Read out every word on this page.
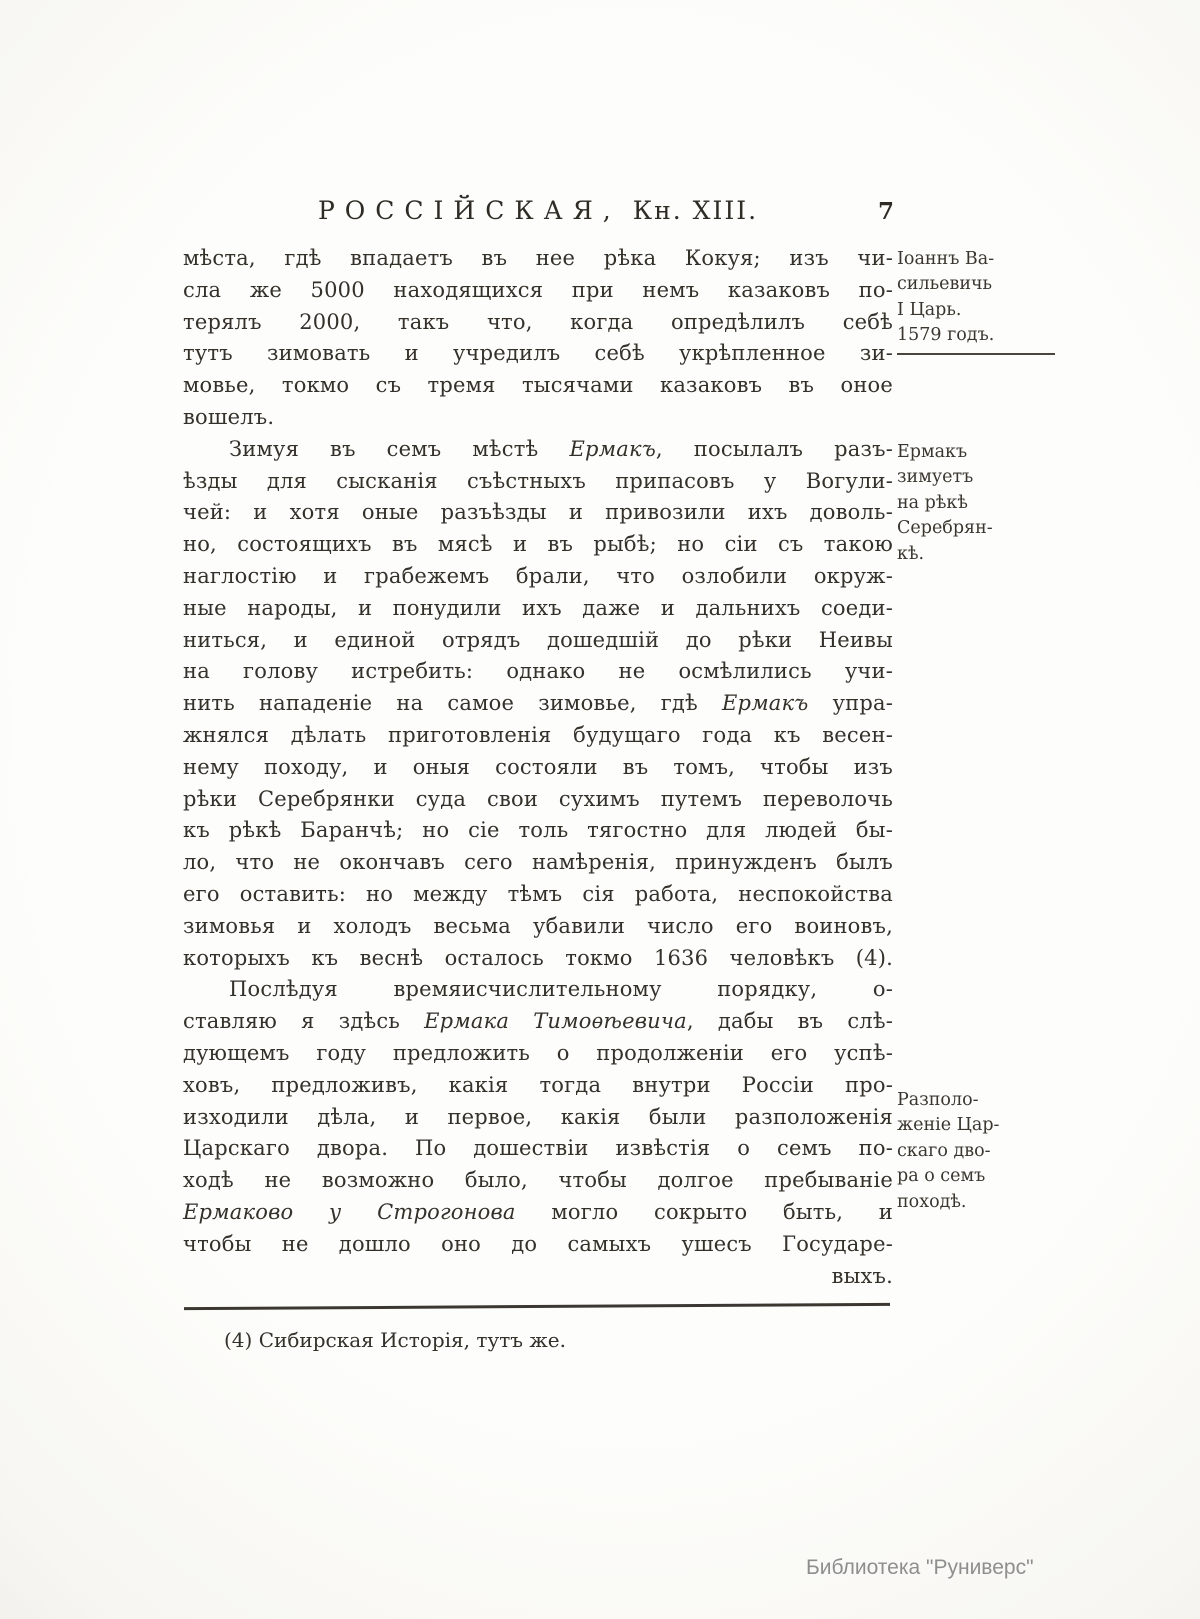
РОССІЙСКАЯ, Кн. XIII.	7
мѣста, гдѣ впадаетъ въ нее рѣка Кокуя; изъ чи-
сла же 5000 находящихся при немъ казаковъ по-
терялъ 2000, такъ что, когда опредѣлилъ себѣ
тутъ зимовать и учредилъ себѣ укрѣпленное зи-
мовье, токмо съ тремя тысячами казаковъ въ оное
вошелъ.
Зимуя въ семъ мѣстѣ Ермакъ, посылалъ разъ-
ѣзды для сысканія съѣстныхъ припасовъ у Вогули-
чей: и хотя оные разъѣзды и привозили ихъ доволь-
но, состоящихъ въ мясѣ и въ рыбѣ; но сіи съ такою
наглостію и грабежемъ брали, что озлобили окруж-
ные народы, и понудили ихъ даже и дальнихъ соеди-
ниться, и единой отрядъ дошедшій до рѣки Неивы
на голову истребить: однако не осмѣлились учи-
нить нападеніе на самое зимовье, гдѣ Ермакъ упра-
жнялся дѣлать приготовленія будущаго года къ весен-
нему походу, и оныя состояли въ томъ, чтобы изъ
рѣки Серебрянки суда свои сухимъ путемъ переволочь
къ рѣкѣ Баранчѣ; но сіе толь тягостно для людей бы-
ло, что не окончавъ сего намѣренія, принужденъ былъ
его оставить: но между тѣмъ сія работа, неспокойства
зимовья и холодъ весьма убавили число его воиновъ,
которыхъ къ веснѣ осталось токмо 1636 человѣкъ (4).
Послѣдуя времяисчислительному порядку, о-
ставляю я здѣсь Ермака Тимоѳѣевича, дабы въ слѣ-
дующемъ году предложить о продолженіи его успѣ-
ховъ, предложивъ, какія тогда внутри Россіи про-
изходили дѣла, и первое, какія были разположенія
Царскаго двора. По дошествіи извѣстія о семъ по-
ходѣ не возможно было, чтобы долгое пребываніе
Ермаково у Строгонова могло сокрыто быть, и
чтобы не дошло оно до самыхъ ушесъ Государе-
выхъ.
Іоаннъ Ва-
сильевичь
I Царь.
1579 годъ.
Ермакъ
зимуетъ
на рѣкѣ
Серебрян-
кѣ.
Разполо-
женіе Цар-
скаго дво-
ра о семъ
походѣ.
(4) Сибирская Исторія, тутъ же.
Библиотека "Руниверс"
